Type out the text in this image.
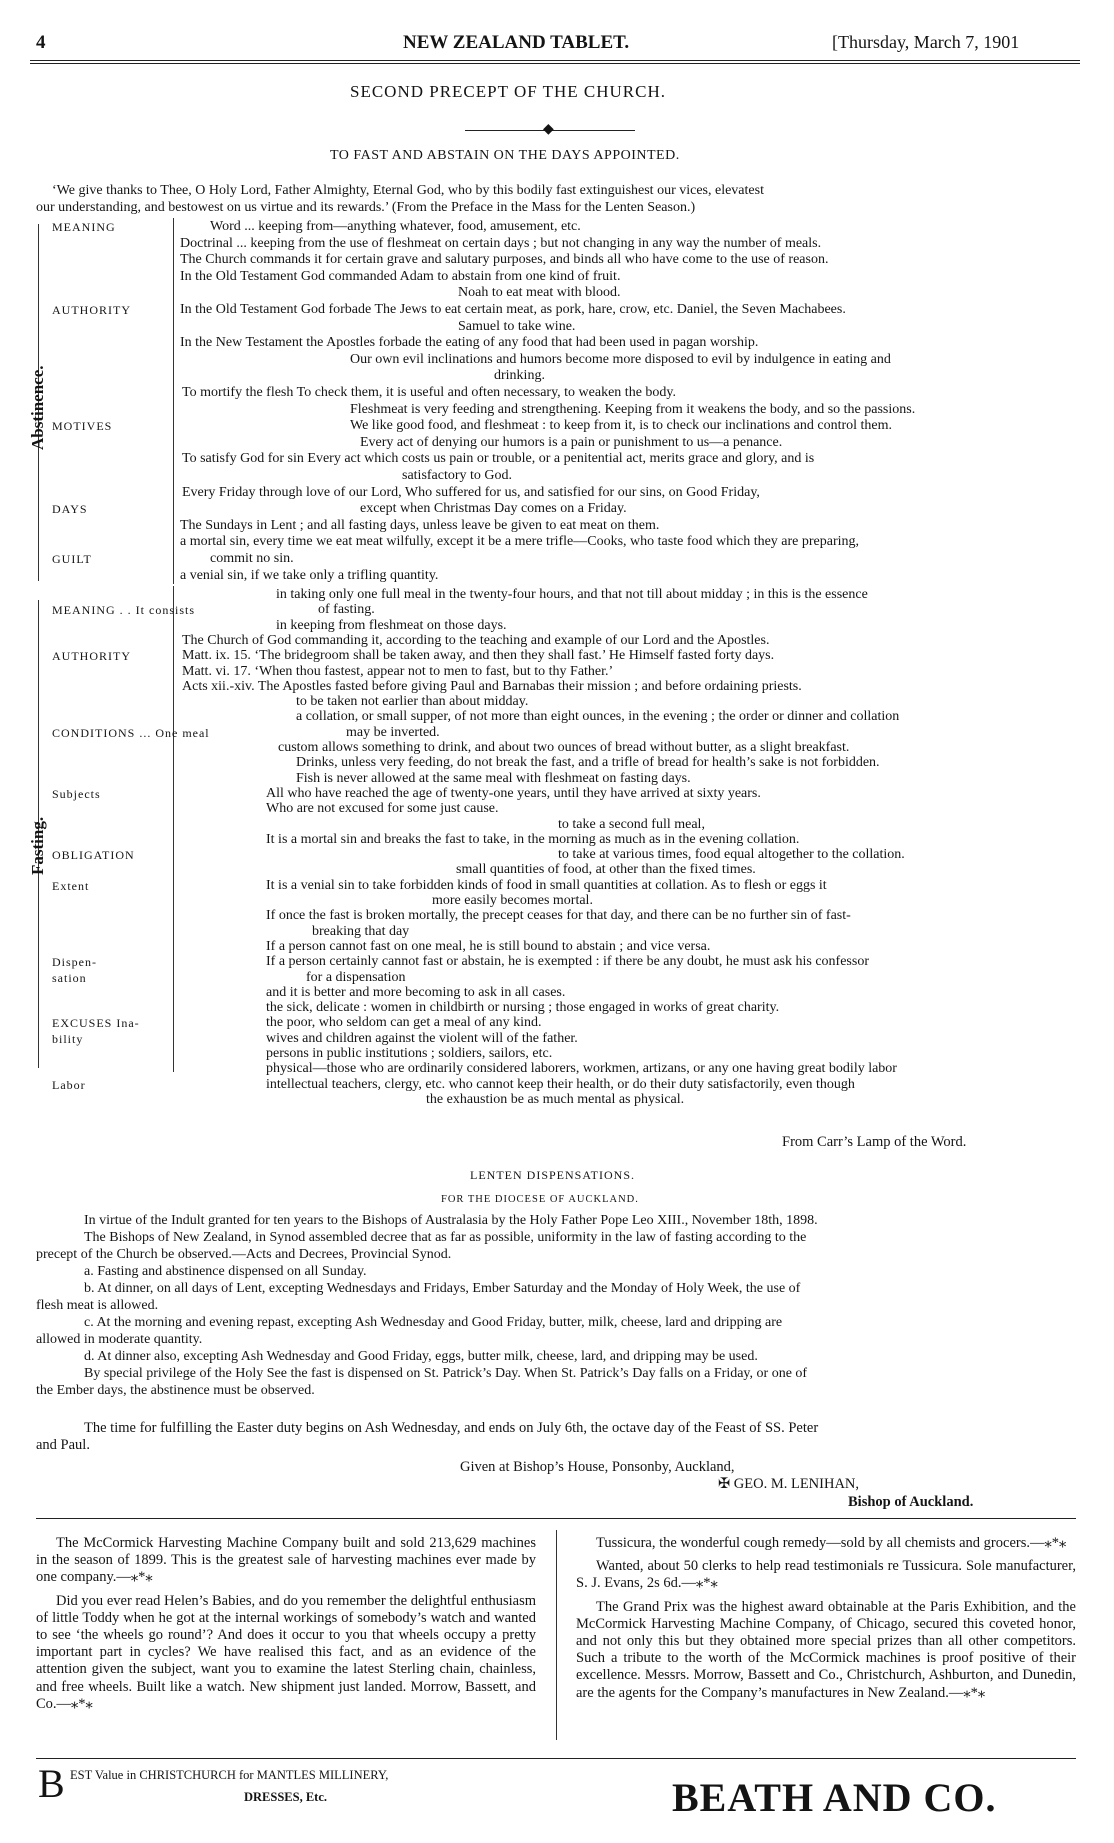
4	NEW ZEALAND TABLET.	[Thursday, March 7, 1901
SECOND PRECEPT OF THE CHURCH.
◆
TO FAST AND ABSTAIN ON THE DAYS APPOINTED.
‘We give thanks to Thee, O Holy Lord, Father Almighty, Eternal God, who by this bodily fast extinguishest our vices, elevatest
our understanding, and bestowest on us virtue and its rewards.’ (From the Preface in the Mass for the Lenten Season.)
Abstinence.
MEANING	Word ... keeping from—anything whatever, food, amusement, etc.
Doctrinal ... keeping from the use of fleshmeat on certain days ; but not changing in any way the number of meals.
The Church commands it for certain grave and salutary purposes, and binds all who have come to the use of reason.
In the Old Testament God commanded Adam to abstain from one kind of fruit.
Noah to eat meat with blood.
AUTHORITY	In the Old Testament God forbade The Jews to eat certain meat, as pork, hare, crow, etc. Daniel, the Seven Machabees.
Samuel to take wine.
In the New Testament the Apostles forbade the eating of any food that had been used in pagan worship.
Our own evil inclinations and humors become more disposed to evil by indulgence in eating and
drinking.
To mortify the flesh To check them, it is useful and often necessary, to weaken the body.
Fleshmeat is very feeding and strengthening. Keeping from it weakens the body, and so the passions.
MOTIVES	We like good food, and fleshmeat : to keep from it, is to check our inclinations and control them.
Every act of denying our humors is a pain or punishment to us—a penance.
To satisfy God for sin Every act which costs us pain or trouble, or a penitential act, merits grace and glory, and is
satisfactory to God.
Every Friday through love of our Lord, Who suffered for us, and satisfied for our sins, on Good Friday,
DAYS	except when Christmas Day comes on a Friday.
The Sundays in Lent ; and all fasting days, unless leave be given to eat meat on them.
a mortal sin, every time we eat meat wilfully, except it be a mere trifle—Cooks, who taste food which they are preparing,
GUILT	commit no sin.
a venial sin, if we take only a trifling quantity.
Fasting.
in taking only one full meal in the twenty-four hours, and that not till about midday ; in this is the essence
MEANING . . It consists	of fasting.
in keeping from fleshmeat on those days.
The Church of God commanding it, according to the teaching and example of our Lord and the Apostles.
AUTHORITY	Matt. ix. 15. ‘The bridegroom shall be taken away, and then they shall fast.’ He Himself fasted forty days.
Matt. vi. 17. ‘When thou fastest, appear not to men to fast, but to thy Father.’
Acts xii.-xiv. The Apostles fasted before giving Paul and Barnabas their mission ; and before ordaining priests.
to be taken not earlier than about midday.
a collation, or small supper, of not more than eight ounces, in the evening ; the order or dinner and collation
CONDITIONS ... One meal	may be inverted.
custom allows something to drink, and about two ounces of bread without butter, as a slight breakfast.
Drinks, unless very feeding, do not break the fast, and a trifle of bread for health’s sake is not forbidden.
Fish is never allowed at the same meal with fleshmeat on fasting days.
Subjects	All who have reached the age of twenty-one years, until they have arrived at sixty years.
Who are not excused for some just cause.
to take a second full meal,
It is a mortal sin and breaks the fast to take, in the morning as much as in the evening collation.
OBLIGATION	to take at various times, food equal altogether to the collation.
small quantities of food, at other than the fixed times.
Extent	It is a venial sin to take forbidden kinds of food in small quantities at collation. As to flesh or eggs it
more easily becomes mortal.
If once the fast is broken mortally, the precept ceases for that day, and there can be no further sin of fast-
breaking that day
If a person cannot fast on one meal, he is still bound to abstain ; and vice versa.
Dispen-	If a person certainly cannot fast or abstain, he is exempted : if there be any doubt, he must ask his confessor
sation	for a dispensation
and it is better and more becoming to ask in all cases.
the sick, delicate : women in childbirth or nursing ; those engaged in works of great charity.
EXCUSES Ina-	the poor, who seldom can get a meal of any kind.
bility	wives and children against the violent will of the father.
persons in public institutions ; soldiers, sailors, etc.
physical—those who are ordinarily considered laborers, workmen, artizans, or any one having great bodily labor
Labor	intellectual teachers, clergy, etc. who cannot keep their health, or do their duty satisfactorily, even though
the exhaustion be as much mental as physical.
From Carr’s Lamp of the Word.
LENTEN DISPENSATIONS.
FOR THE DIOCESE OF AUCKLAND.
In virtue of the Indult granted for ten years to the Bishops of Australasia by the Holy Father Pope Leo XIII., November 18th, 1898.
The Bishops of New Zealand, in Synod assembled decree that as far as possible, uniformity in the law of fasting according to the
precept of the Church be observed.—Acts and Decrees, Provincial Synod.
a. Fasting and abstinence dispensed on all Sunday.
b. At dinner, on all days of Lent, excepting Wednesdays and Fridays, Ember Saturday and the Monday of Holy Week, the use of
flesh meat is allowed.
c. At the morning and evening repast, excepting Ash Wednesday and Good Friday, butter, milk, cheese, lard and dripping are
allowed in moderate quantity.
d. At dinner also, excepting Ash Wednesday and Good Friday, eggs, butter milk, cheese, lard, and dripping may be used.
By special privilege of the Holy See the fast is dispensed on St. Patrick’s Day. When St. Patrick’s Day falls on a Friday, or one of
the Ember days, the abstinence must be observed.
The time for fulfilling the Easter duty begins on Ash Wednesday, and ends on July 6th, the octave day of the Feast of SS. Peter
and Paul.
Given at Bishop’s House, Ponsonby, Auckland,
✠ GEO. M. LENIHAN,
Bishop of Auckland.

The McCormick Harvesting Machine Company built and sold 213,629 machines in the season of 1899. This is the greatest sale of harvesting machines ever made by one company.—⁎*⁎

Did you ever read Helen’s Babies, and do you remember the delightful enthusiasm of little Toddy when he got at the internal workings of somebody’s watch and wanted to see ‘the wheels go round’? And does it occur to you that wheels occupy a pretty important part in cycles? We have realised this fact, and as an evidence of the attention given the subject, want you to examine the latest Sterling chain, chainless, and free wheels. Built like a watch. New shipment just landed. Morrow, Bassett, and Co.—⁎*⁎

Tussicura, the wonderful cough remedy—sold by all chemists and grocers.—⁎*⁎

Wanted, about 50 clerks to help read testimonials re Tussicura. Sole manufacturer, S. J. Evans, 2s 6d.—⁎*⁎

The Grand Prix was the highest award obtainable at the Paris Exhibition, and the McCormick Harvesting Machine Company, of Chicago, secured this coveted honor, and not only this but they obtained more special prizes than all other competitors. Such a tribute to the worth of the McCormick machines is proof positive of their excellence. Messrs. Morrow, Bassett and Co., Christchurch, Ashburton, and Dunedin, are the agents for the Company’s manufactures in New Zealand.—⁎*⁎

B EST Value in CHRISTCHURCH for MANTLES MILLINERY,
DRESSES, Etc.	BEATH AND CO.
